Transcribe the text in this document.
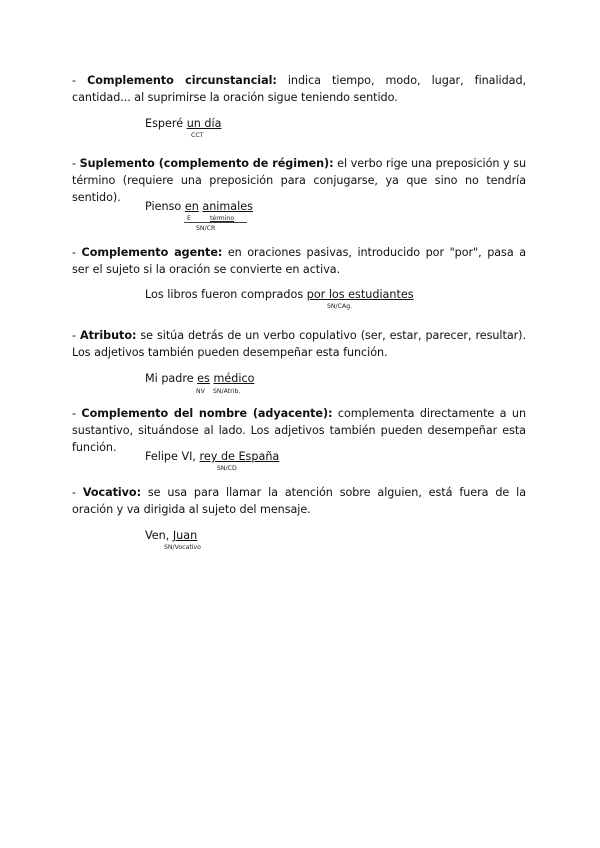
- Complemento circunstancial: indica tiempo, modo, lugar, finalidad, cantidad... al suprimirse la oración sigue teniendo sentido.
Esperé un día
CCT
- Suplemento (complemento de régimen): el verbo rige una preposición y su término (requiere una preposición para conjugarse, ya que sino no tendría sentido).
Pienso en animales
E	término
SN/CR
- Complemento agente: en oraciones pasivas, introducido por "por", pasa a ser el sujeto si la oración se convierte en activa.
Los libros fueron comprados por los estudiantes
SN/CAg.
- Atributo: se sitúa detrás de un verbo copulativo (ser, estar, parecer, resultar). Los adjetivos también pueden desempeñar esta función.
Mi padre es médico
NV SN/Atrib.
- Complemento del nombre (adyacente): complementa directamente a un sustantivo, situándose al lado. Los adjetivos también pueden desempeñar esta función.
Felipe VI, rey de España
SN/CD
- Vocativo: se usa para llamar la atención sobre alguien, está fuera de la oración y va dirigida al sujeto del mensaje.
Ven, Juan
SN/Vocativo
